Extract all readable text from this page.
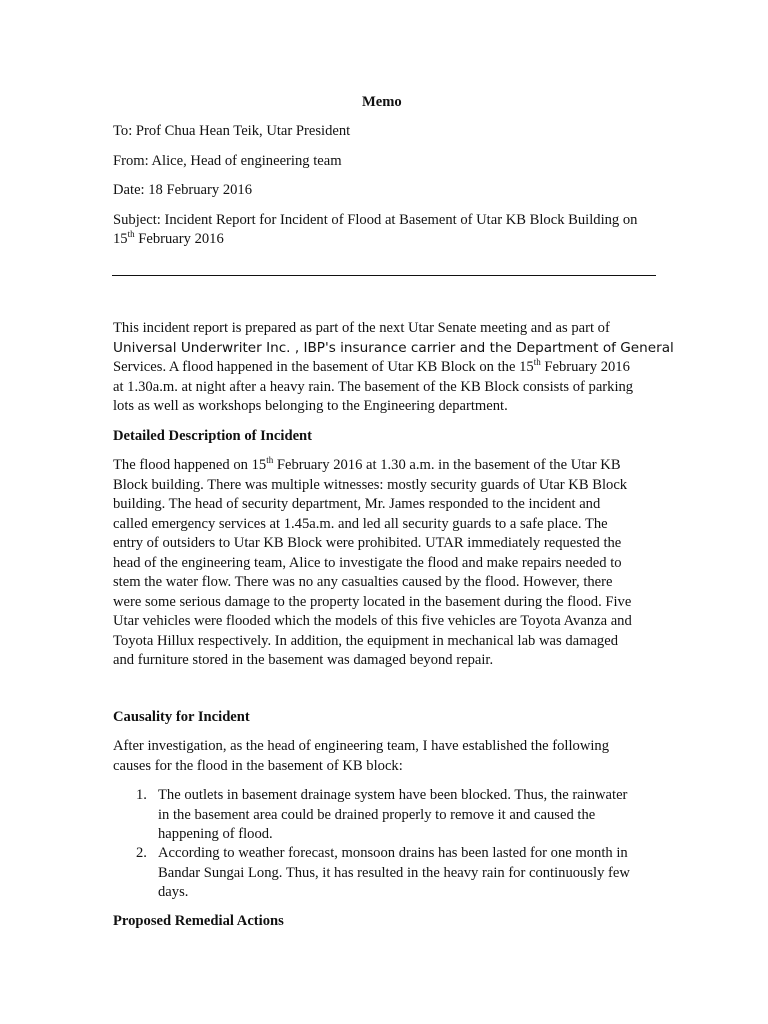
Memo
To: Prof Chua Hean Teik, Utar President
From: Alice, Head of engineering team
Date: 18 February 2016
Subject: Incident Report for Incident of Flood at Basement of Utar KB Block Building on
15th February 2016
This incident report is prepared as part of the next Utar Senate meeting and as part of
Universal Underwriter Inc. , IBP's insurance carrier and the Department of General
Services. A flood happened in the basement of Utar KB Block on the 15th February 2016
at 1.30a.m. at night after a heavy rain. The basement of the KB Block consists of parking
lots as well as workshops belonging to the Engineering department.
Detailed Description of Incident
The flood happened on 15th February 2016 at 1.30 a.m. in the basement of the Utar KB
Block building. There was multiple witnesses: mostly security guards of Utar KB Block
building. The head of security department, Mr. James responded to the incident and
called emergency services at 1.45a.m. and led all security guards to a safe place. The
entry of outsiders to Utar KB Block were prohibited. UTAR immediately requested the
head of the engineering team, Alice to investigate the flood and make repairs needed to
stem the water flow. There was no any casualties caused by the flood. However, there
were some serious damage to the property located in the basement during the flood. Five
Utar vehicles were flooded which the models of this five vehicles are Toyota Avanza and
Toyota Hillux respectively. In addition, the equipment in mechanical lab was damaged
and furniture stored in the basement was damaged beyond repair.
Causality for Incident
After investigation, as the head of engineering team, I have established the following
causes for the flood in the basement of KB block:
1. The outlets in basement drainage system have been blocked. Thus, the rainwater
in the basement area could be drained properly to remove it and caused the
happening of flood.
2. According to weather forecast, monsoon drains has been lasted for one month in
Bandar Sungai Long. Thus, it has resulted in the heavy rain for continuously few
days.
Proposed Remedial Actions
